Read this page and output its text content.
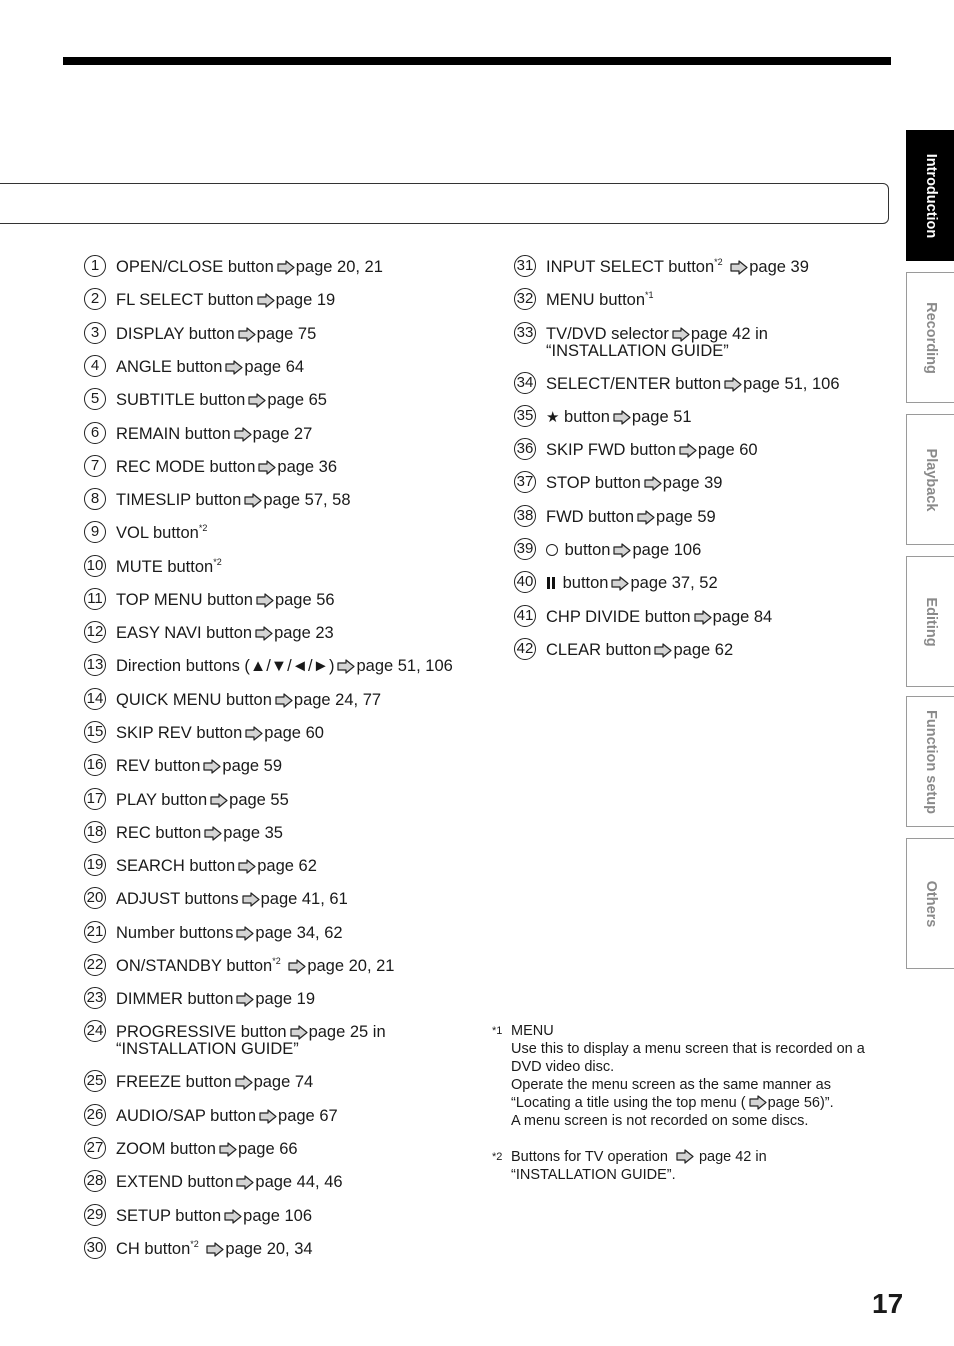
1	OPEN/CLOSE button page 20, 21
2	FL SELECT button page 19
3	DISPLAY button page 75
4	ANGLE button page 64
5	SUBTITLE button page 65
6	REMAIN button page 27
7	REC MODE button page 36
8	TIMESLIP button page 57, 58
9	VOL button$^{*2}$
10 MUTE button$^{*2}$
11 TOP MENU button page 56
12 EASY NAVI button page 23
13 Direction buttons (▲/▼/◄/►) page 51, 106
14 QUICK MENU button page 24, 77
15 SKIP REV button page 60
16 REV button page 59
17 PLAY button page 55
18 REC button page 35
19 SEARCH button page 62
20 ADJUST buttons page 41, 61
21 Number buttons page 34, 62
22 ON/STANDBY button$^{*2}$ page 20, 21
23 DIMMER button page 19
24 PROGRESSIVE button page 25 in
“INSTALLATION GUIDE”
25 FREEZE button page 74
26 AUDIO/SAP button page 67
27 ZOOM button page 66
28 EXTEND button page 44, 46
29 SETUP button page 106
30 CH button$^{*2}$ page 20, 34
31 INPUT SELECT button$^{*2}$ page 39
32 MENU button$^{*1}$
33 TV/DVD selector page 42 in
“INSTALLATION GUIDE”
34 SELECT/ENTER button page 51, 106
35 ★ button page 51
36 SKIP FWD button page 60
37 STOP button page 39
38 FWD button page 59
39	button page 106
40	button page 37, 52
41 CHP DIVIDE button page 84
42 CLEAR button page 62
*1 MENU

Use this to display a menu screen that is recorded on a DVD video disc.

Operate the menu screen as the same manner as “Locating a title using the top menu ( page 56)”.

A menu screen is not recorded on some discs.

*2 Buttons for TV operation page 42 in

“INSTALLATION GUIDE”.

Introduction
Recording
Playback
Editing
Function setup
Others
17
